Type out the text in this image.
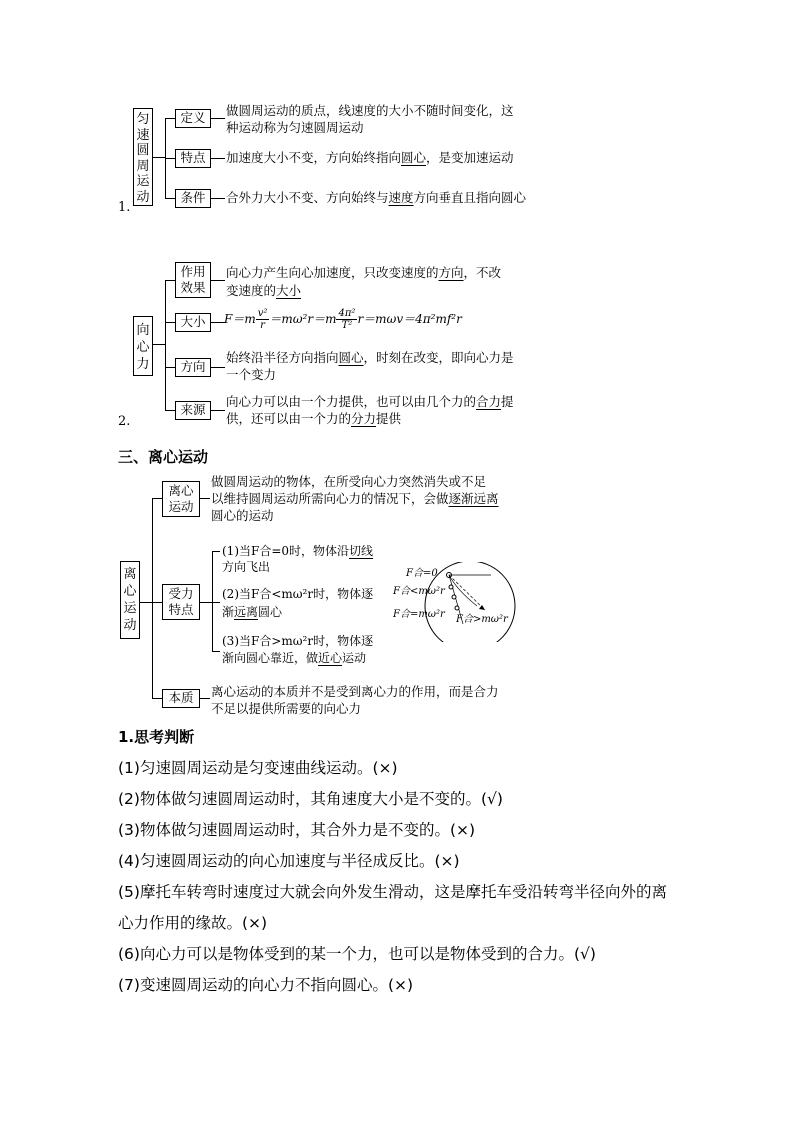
1.
匀速圆周运动
定义	做圆周运动的质点，线速度的大小不随时间变化，这
种运动称为匀速圆周运动
特点	加速度大小不变，方向始终指向圆心，是变加速运动
条件	合外力大小不变、方向始终与速度方向垂直且指向圆心
2.
向心力
作用
效果
向心力产生向心加速度，只改变速度的方向，不改
变速度的大小
大小	$F=m \frac{\text{v²}}{r} =m\omega^2r=m \frac{\text{4π²}}{\text{T²}} r=m\omega v=4\pi^2mf^2r$
方向
始终沿半径方向指向圆心，时刻在改变，即向心力是
一个变力
来源
向心力可以由一个力提供，也可以由几个力的合力提
供，还可以由一个力的分力提供
三、离心运动
离心运动
离心
运动
做圆周运动的物体，在所受向心力突然消失或不足
以维持圆周运动所需向心力的情况下，会做逐渐远离
圆心的运动
受力
特点
(1)当F合=0时，物体沿切线
方向飞出
(2)当F合<mω²r时，物体逐
渐远离圆心
(3)当F合>mω²r时，物体逐
渐向圆心靠近，做近心运动
F合=0
F合<mω²r
F合=mω²r F合>mω²r
本质	离心运动的本质并不是受到离心力的作用，而是合力
不足以提供所需要的向心力
1.思考判断
(1)匀速圆周运动是匀变速曲线运动。(×)
(2)物体做匀速圆周运动时，其角速度大小是不变的。(√)
(3)物体做匀速圆周运动时，其合外力是不变的。(×)
(4)匀速圆周运动的向心加速度与半径成反比。(×)
(5)摩托车转弯时速度过大就会向外发生滑动，这是摩托车受沿转弯半径向外的离
心力作用的缘故。(×)
(6)向心力可以是物体受到的某一个力，也可以是物体受到的合力。(√)
(7)变速圆周运动的向心力不指向圆心。(×)
